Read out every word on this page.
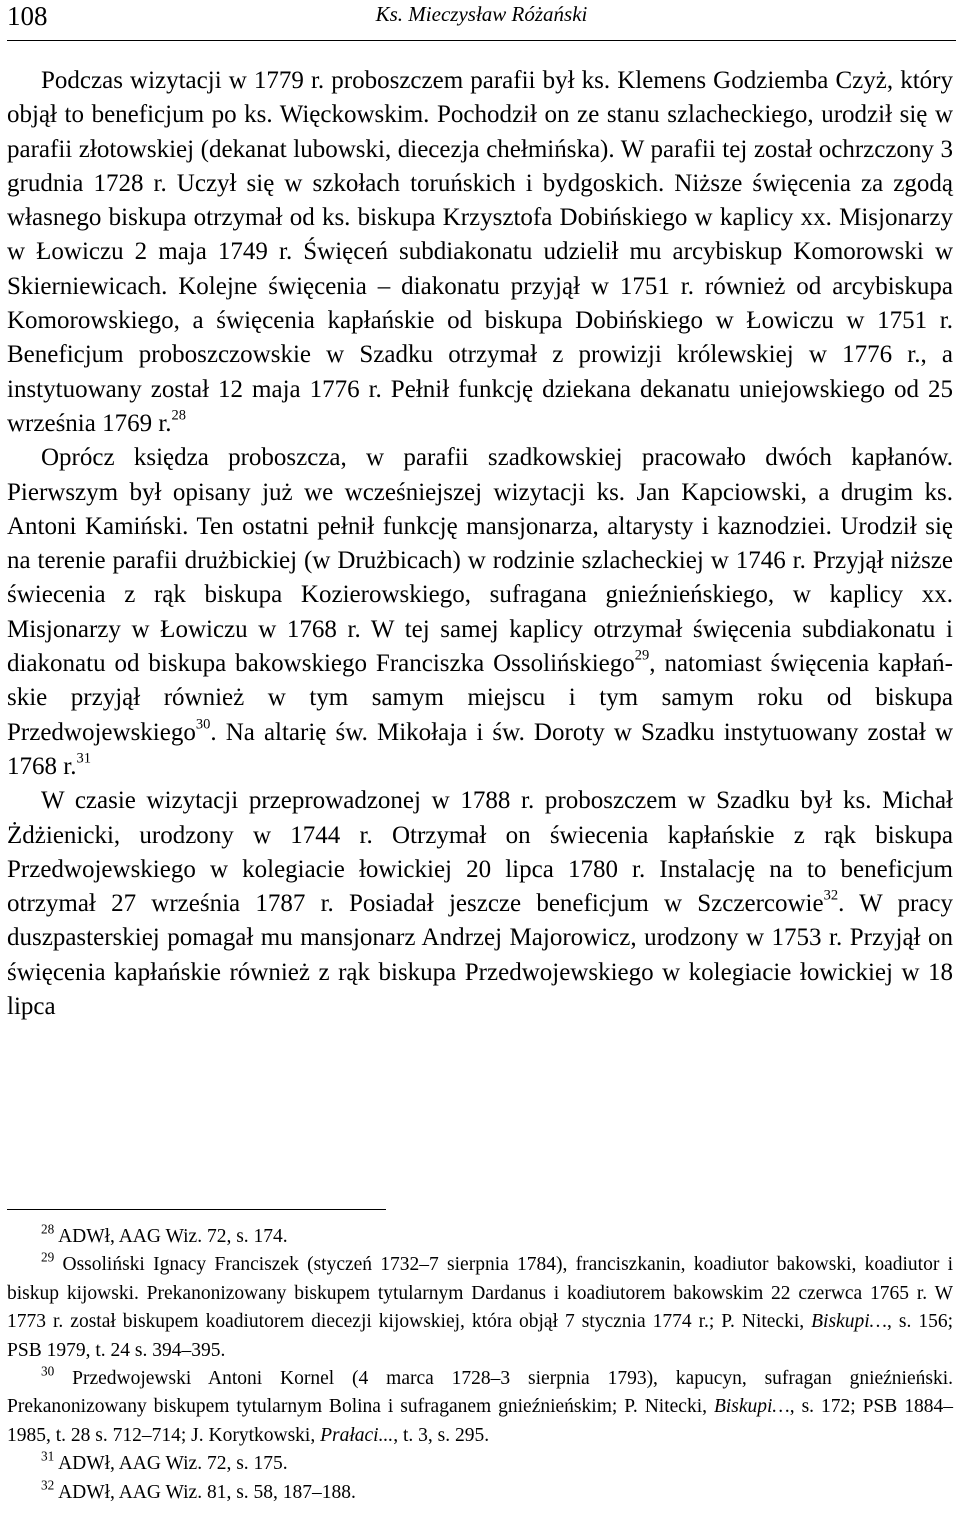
108	Ks. Mieczysław Różański

Podczas wizytacji w 1779 r. proboszczem parafii był ks. Klemens Godziemba Czyż, który objął to beneficjum po ks. Więckowskim. Pochodził on ze stanu szlacheckiego, urodził się w parafii złotowskiej (dekanat lubowski, diecezja chełmińska). W parafii tej został ochrzczony 3 grudnia 1728 r. Uczył się w szkołach toruńskich i bydgoskich. Niższe święcenia za zgodą własnego biskupa otrzymał od ks. biskupa Krzysztofa Dobińskiego w kaplicy xx. Misjonarzy w Łowiczu 2 maja 1749 r. Święceń subdiakonatu udzielił mu arcybiskup Komorowski w Skierniewicach. Kolejne święcenia – diakonatu przyjął w 1751 r. również od arcybiskupa Komorowskiego, a święcenia kapłańskie od biskupa Dobińskiego w Łowiczu w 1751 r. Beneficjum proboszczowskie w Szadku otrzymał z prowizji królewskiej w 1776 r., a instytuowany został 12 maja 1776 r. Pełnił funkcję dziekana dekanatu uniejowskiego od 25 września 1769 r.$^{28}$

Oprócz księdza proboszcza, w parafii szadkowskiej pracowało dwóch kapłanów. Pierwszym był opisany już we wcześniejszej wizytacji ks. Jan Kapciowski, a drugim ks. Antoni Kamiński. Ten ostatni pełnił funkcję mansjonarza, altarysty i kaznodziei. Urodził się na terenie parafii drużbickiej (w Drużbicach) w rodzinie szlacheckiej w 1746 r. Przyjął niższe świecenia z rąk biskupa Kozierowskiego, sufragana gnieźnieńskiego, w kaplicy xx. Misjonarzy w Łowiczu w 1768 r. W tej samej kaplicy otrzymał święcenia subdiakonatu i diakonatu od biskupa bakowskiego Franciszka Ossolińskiego$^{29}$, natomiast święcenia kapłańskie przyjął również w tym samym miejscu i tym samym roku od biskupa Przedwojewskiego$^{30}$. Na altarię św. Mikołaja i św. Doroty w Szadku instytuowany został w 1768 r.$^{31}$

W czasie wizytacji przeprowadzonej w 1788 r. proboszczem w Szadku był ks. Michał Żdżienicki, urodzony w 1744 r. Otrzymał on świecenia kapłańskie z rąk biskupa Przedwojewskiego w kolegiacie łowickiej 20 lipca 1780 r. Instalację na to beneficjum otrzymał 27 września 1787 r. Posiadał jeszcze beneficjum w Szczercowie$^{32}$. W pracy duszpasterskiej pomagał mu mansjonarz Andrzej Majorowicz, urodzony w 1753 r. Przyjął on święcenia kapłańskie również z rąk biskupa Przedwojewskiego w kolegiacie łowickiej w 18 lipca

$^{28}$ ADWł, AAG Wiz. 72, s. 174.

$^{29}$ Ossoliński Ignacy Franciszek (styczeń 1732–7 sierpnia 1784), franciszkanin, koadiutor bakowski, koadiutor i biskup kijowski. Prekanonizowany biskupem tytularnym Dardanus i koadiutorem bakowskim 22 czerwca 1765 r. W 1773 r. został biskupem koadiutorem diecezji kijowskiej, która objął 7 stycznia 1774 r.; P. Nitecki, Biskupi…, s. 156; PSB 1979, t. 24 s. 394–395.

$^{30}$ Przedwojewski Antoni Kornel (4 marca 1728–3 sierpnia 1793), kapucyn, sufragan gnieźnieński. Prekanonizowany biskupem tytularnym Bolina i sufraganem gnieźnieńskim; P. Nitecki, Biskupi…, s. 172; PSB 1884–1985, t. 28 s. 712–714; J. Korytkowski, Prałaci..., t. 3, s. 295.

$^{31}$ ADWł, AAG Wiz. 72, s. 175.

$^{32}$ ADWł, AAG Wiz. 81, s. 58, 187–188.
